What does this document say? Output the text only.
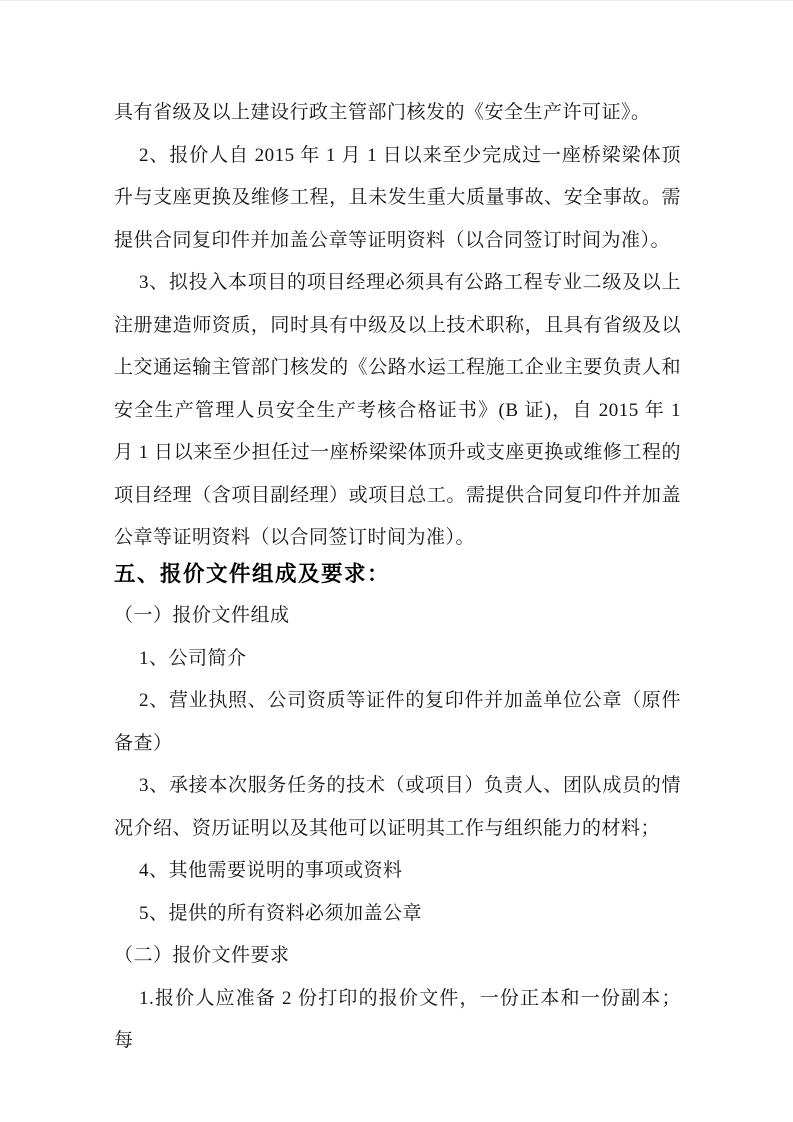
具有省级及以上建设行政主管部门核发的《安全生产许可证》。

2、报价人自 2015 年 1 月 1 日以来至少完成过一座桥梁梁体顶升与支座更换及维修工程，且未发生重大质量事故、安全事故。需提供合同复印件并加盖公章等证明资料（以合同签订时间为准）。

3、拟投入本项目的项目经理必须具有公路工程专业二级及以上注册建造师资质，同时具有中级及以上技术职称，且具有省级及以上交通运输主管部门核发的《公路水运工程施工企业主要负责人和安全生产管理人员安全生产考核合格证书》(B 证)，自 2015 年 1 月 1 日以来至少担任过一座桥梁梁体顶升或支座更换或维修工程的项目经理（含项目副经理）或项目总工。需提供合同复印件并加盖公章等证明资料（以合同签订时间为准）。

五、报价文件组成及要求：

（一）报价文件组成

1、公司简介

2、营业执照、公司资质等证件的复印件并加盖单位公章（原件备查）

3、承接本次服务任务的技术（或项目）负责人、团队成员的情况介绍、资历证明以及其他可以证明其工作与组织能力的材料；

4、其他需要说明的事项或资料

5、提供的所有资料必须加盖公章

（二）报价文件要求

1.报价人应准备 2 份打印的报价文件，一份正本和一份副本；每
